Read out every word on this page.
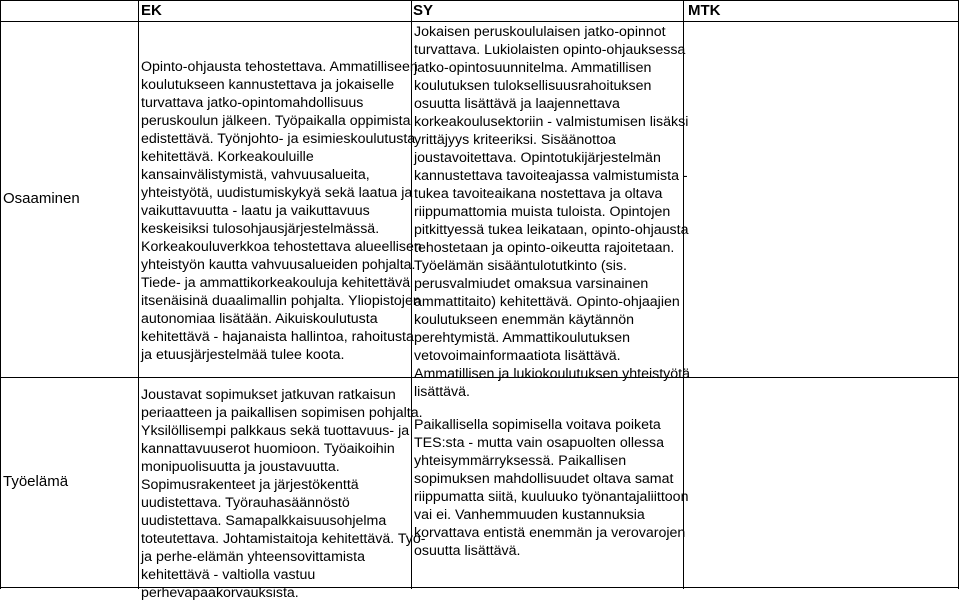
EK	SY	MTK
Osaaminen
Opinto-ohjausta tehostettava. Ammatilliseen
koulutukseen kannustettava ja jokaiselle
turvattava jatko-opintomahdollisuus
peruskoulun jälkeen. Työpaikalla oppimista
edistettävä. Työnjohto- ja esimieskoulutusta
kehitettävä. Korkeakouluille
kansainvälistymistä, vahvuusalueita,
yhteistyötä, uudistumiskykyä sekä laatua ja
vaikuttavuutta - laatu ja vaikuttavuus
keskeisiksi tulosohjausjärjestelmässä.
Korkeakouluverkkoa tehostettava alueellisen
yhteistyön kautta vahvuusalueiden pohjalta.
Tiede- ja ammattikorkeakouluja kehitettävä
itsenäisinä duaalimallin pohjalta. Yliopistojen
autonomiaa lisätään. Aikuiskoulutusta
kehitettävä - hajanaista hallintoa, rahoitusta
ja etuusjärjestelmää tulee koota.
Jokaisen peruskoululaisen jatko-opinnot
turvattava. Lukiolaisten opinto-ohjauksessa
jatko-opintosuunnitelma. Ammatillisen
koulutuksen tuloksellisuusrahoituksen
osuutta lisättävä ja laajennettava
korkeakoulusektoriin - valmistumisen lisäksi
yrittäjyys kriteeriksi. Sisäänottoa
joustavoitettava. Opintotukijärjestelmän
kannustettava tavoiteajassa valmistumista -
tukea tavoiteaikana nostettava ja oltava
riippumattomia muista tuloista. Opintojen
pitkittyessä tukea leikataan, opinto-ohjausta
tehostetaan ja opinto-oikeutta rajoitetaan.
Työelämän sisääntulotutkinto (sis.
perusvalmiudet omaksua varsinainen
ammattitaito) kehitettävä. Opinto-ohjaajien
koulutukseen enemmän käytännön
perehtymistä. Ammattikoulutuksen
vetovoimainformaatiota lisättävä.
Ammatillisen ja lukiokoulutuksen yhteistyötä
lisättävä.
Työelämä
Joustavat sopimukset jatkuvan ratkaisun
periaatteen ja paikallisen sopimisen pohjalta.
Yksilöllisempi palkkaus sekä tuottavuus- ja
kannattavuuserot huomioon. Työaikoihin
monipuolisuutta ja joustavuutta.
Sopimusrakenteet ja järjestökenttä
uudistettava. Työrauhasäännöstö
uudistettava. Samapalkkaisuusohjelma
toteutettava. Johtamistaitoja kehitettävä. Työ-
ja perhe-elämän yhteensovittamista
kehitettävä - valtiolla vastuu
perhevapaakorvauksista.
Paikallisella sopimisella voitava poiketa
TES:sta - mutta vain osapuolten ollessa
yhteisymmärryksessä. Paikallisen
sopimuksen mahdollisuudet oltava samat
riippumatta siitä, kuuluuko työnantajaliittoon
vai ei. Vanhemmuuden kustannuksia
korvattava entistä enemmän ja verovarojen
osuutta lisättävä.
